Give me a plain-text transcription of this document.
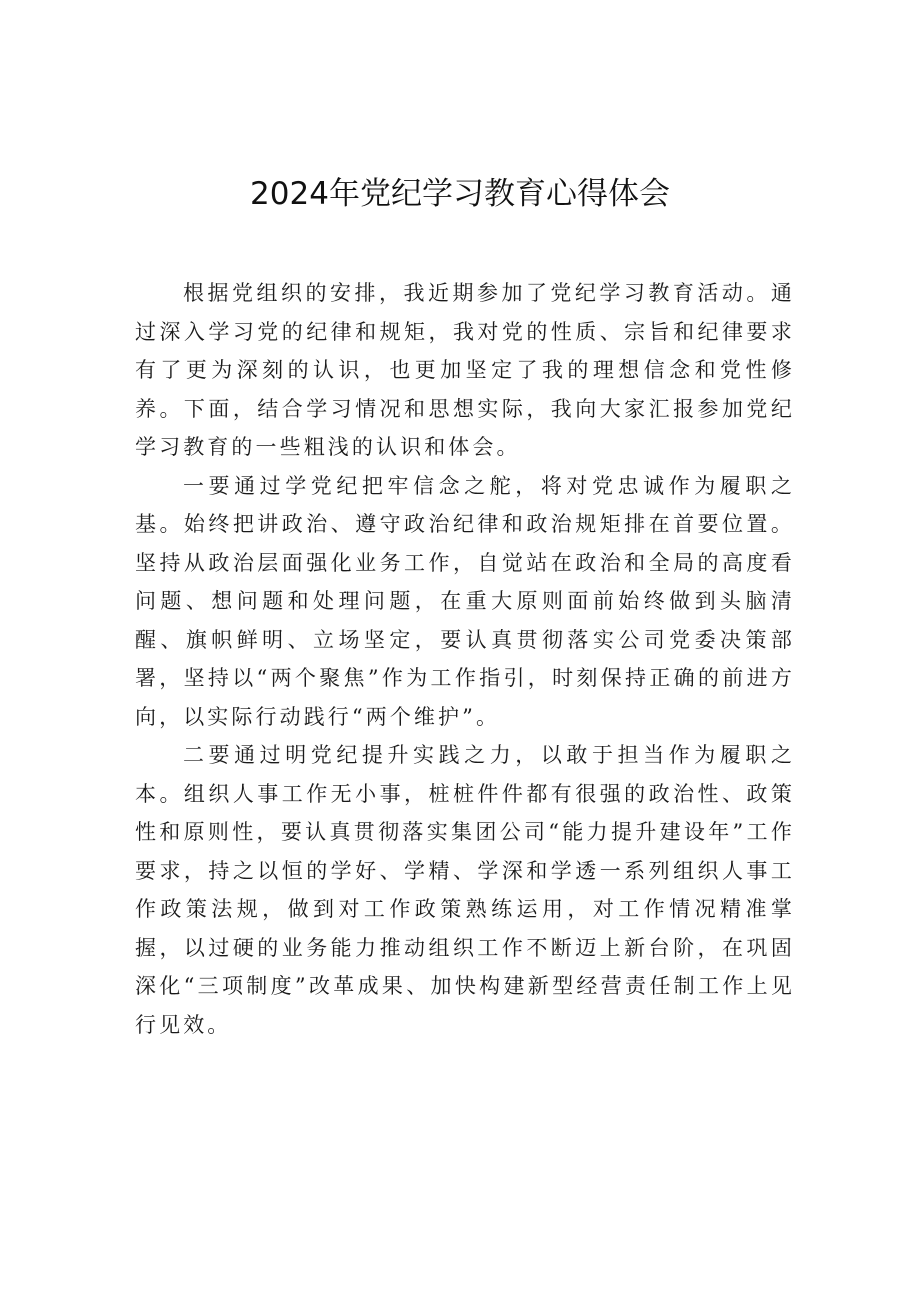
2024年党纪学习教育心得体会

根据党组织的安排，我近期参加了党纪学习教育活动。通过深入学习党的纪律和规矩，我对党的性质、宗旨和纪律要求有了更为深刻的认识，也更加坚定了我的理想信念和党性修养。下面，结合学习情况和思想实际，我向大家汇报参加党纪学习教育的一些粗浅的认识和体会。

一要通过学党纪把牢信念之舵，将对党忠诚作为履职之基。始终把讲政治、遵守政治纪律和政治规矩排在首要位置。坚持从政治层面强化业务工作，自觉站在政治和全局的高度看问题、想问题和处理问题，在重大原则面前始终做到头脑清醒、旗帜鲜明、立场坚定，要认真贯彻落实公司党委决策部署，坚持以“两个聚焦”作为工作指引，时刻保持正确的前进方向，以实际行动践行“两个维护”。

二要通过明党纪提升实践之力，以敢于担当作为履职之本。组织人事工作无小事，桩桩件件都有很强的政治性、政策性和原则性，要认真贯彻落实集团公司“能力提升建设年”工作要求，持之以恒的学好、学精、学深和学透一系列组织人事工作政策法规，做到对工作政策熟练运用，对工作情况精准掌握，以过硬的业务能力推动组织工作不断迈上新台阶，在巩固深化“三项制度”改革成果、加快构建新型经营责任制工作上见行见效。
